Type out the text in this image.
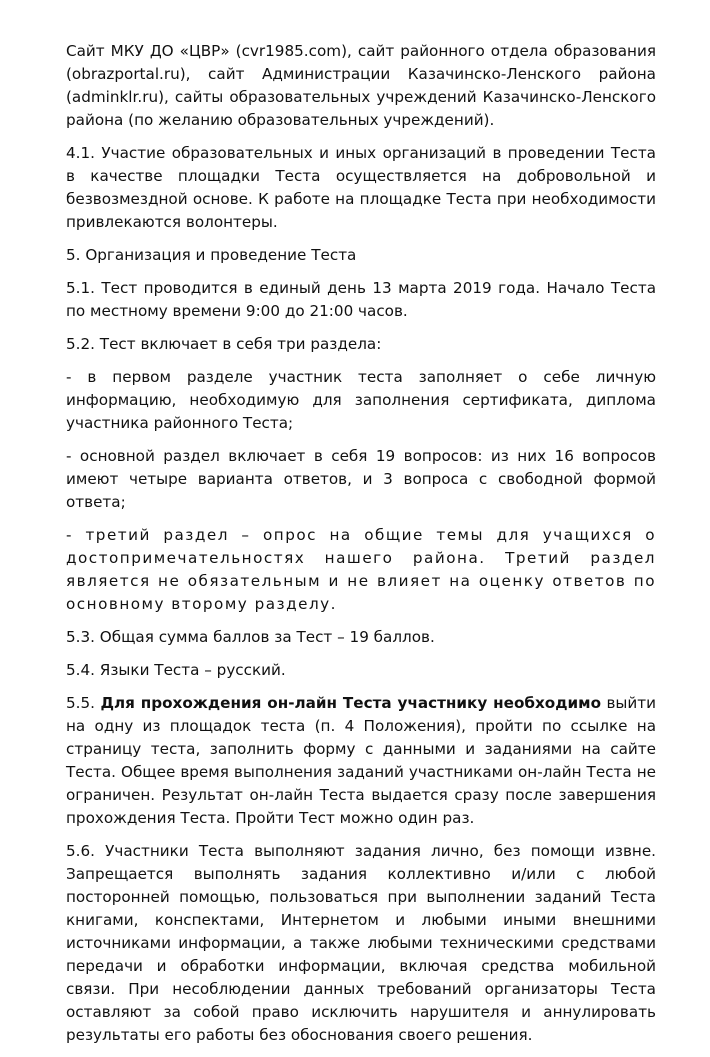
Сайт МКУ ДО «ЦВР» (cvr1985.com), сайт районного отдела образования (obrazportal.ru), сайт Администрации Казачинско-Ленского района (adminklr.ru), сайты образовательных учреждений Казачинско-Ленского района (по желанию образовательных учреждений).

4.1. Участие образовательных и иных организаций в проведении Теста в качестве площадки Теста осуществляется на добровольной и безвозмездной основе. К работе на площадке Теста при необходимости привлекаются волонтеры.

5. Организация и проведение Теста

5.1. Тест проводится в единый день 13 марта 2019 года. Начало Теста по местному времени 9:00 до 21:00 часов.

5.2. Тест включает в себя три раздела:

- в первом разделе участник теста заполняет о себе личную информацию, необходимую для заполнения сертификата, диплома участника районного Теста;

- основной раздел включает в себя 19 вопросов: из них 16 вопросов имеют четыре варианта ответов, и 3 вопроса с свободной формой ответа;

- третий раздел – опрос на общие темы для учащихся о достопримечательностях нашего района. Третий раздел является не обязательным и не влияет на оценку ответов по основному второму разделу.

5.3. Общая сумма баллов за Тест – 19 баллов.

5.4. Языки Теста – русский.

5.5. Для прохождения он-лайн Теста участнику необходимо выйти на одну из площадок теста (п. 4 Положения), пройти по ссылке на страницу теста, заполнить форму с данными и заданиями на сайте Теста. Общее время выполнения заданий участниками он-лайн Теста не ограничен. Результат он-лайн Теста выдается сразу после завершения прохождения Теста. Пройти Тест можно один раз.

5.6. Участники Теста выполняют задания лично, без помощи извне. Запрещается выполнять задания коллективно и/или с любой посторонней помощью, пользоваться при выполнении заданий Теста книгами, конспектами, Интернетом и любыми иными внешними источниками информации, а также любыми техническими средствами передачи и обработки информации, включая средства мобильной связи. При несоблюдении данных требований организаторы Теста оставляют за собой право исключить нарушителя и аннулировать результаты его работы без обоснования своего решения.
